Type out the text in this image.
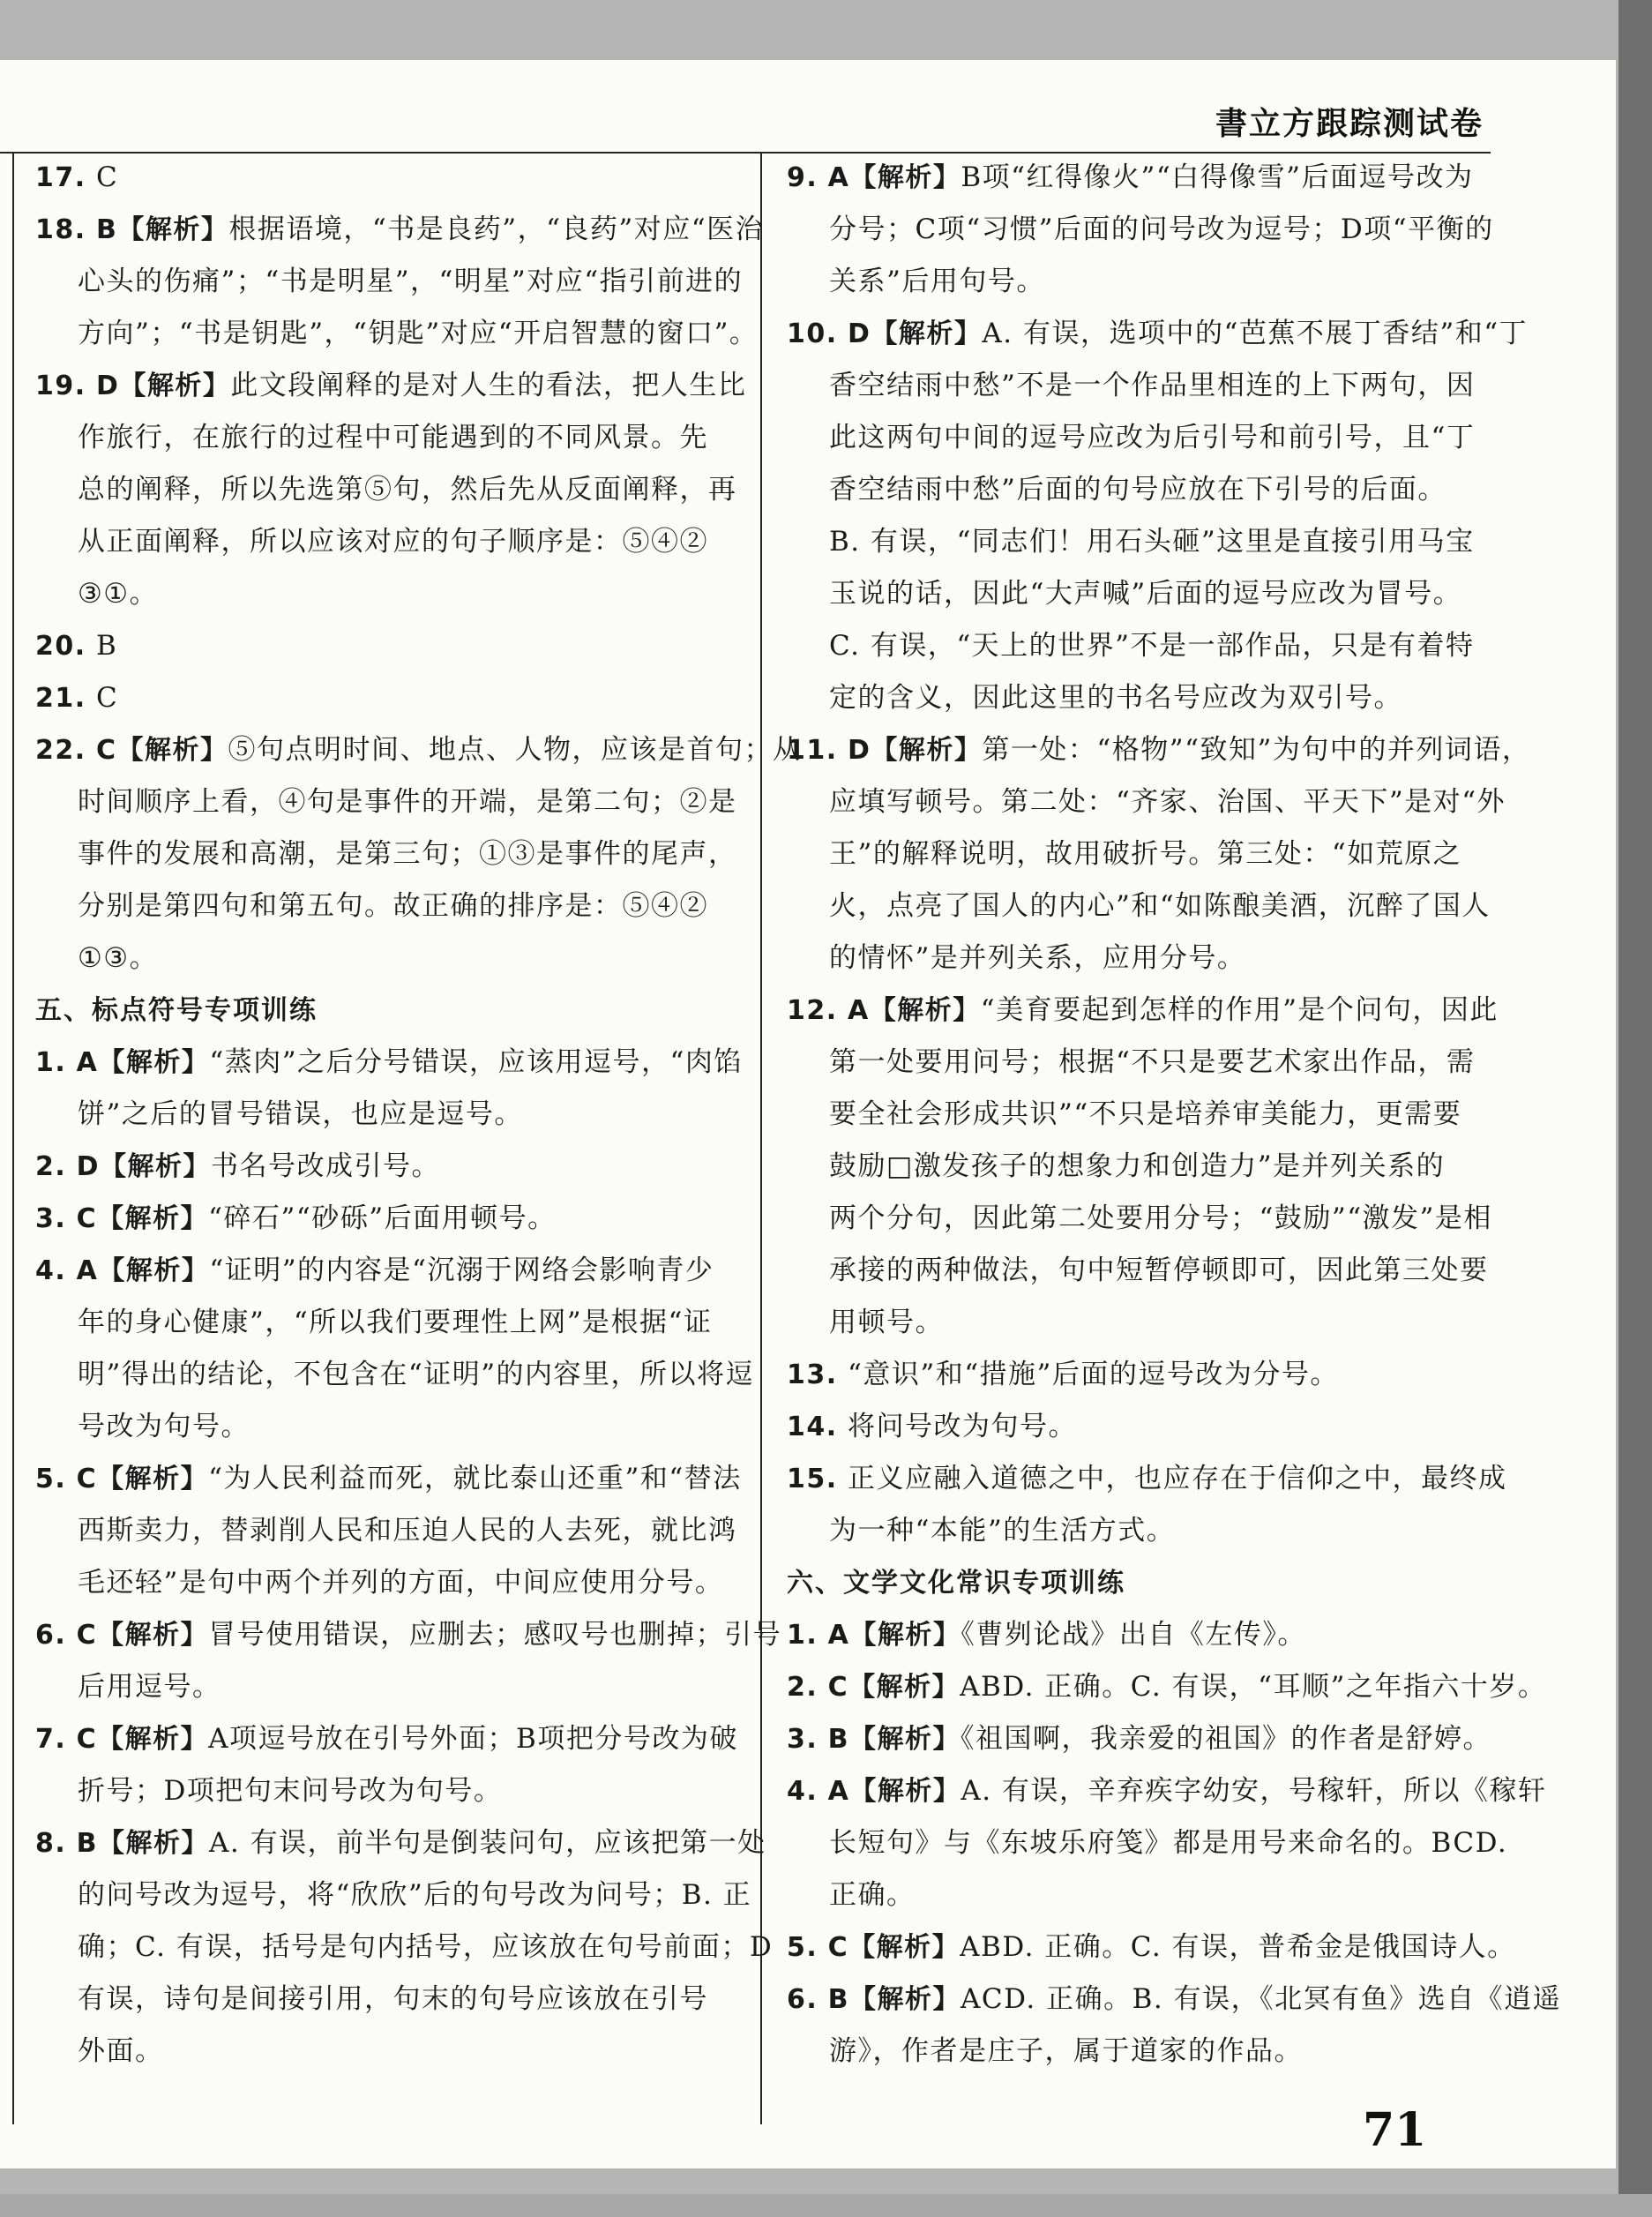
書立方跟踪测试卷
17. C
18. B【解析】根据语境，“书是良药”，“良药”对应“医治
心头的伤痛”；“书是明星”，“明星”对应“指引前进的
方向”；“书是钥匙”，“钥匙”对应“开启智慧的窗口”。
19. D【解析】此文段阐释的是对人生的看法，把人生比
作旅行，在旅行的过程中可能遇到的不同风景。先
总的阐释，所以先选第⑤句，然后先从反面阐释，再
从正面阐释，所以应该对应的句子顺序是：⑤④②
③①。
20. B
21. C
22. C【解析】⑤句点明时间、地点、人物，应该是首句；从
时间顺序上看，④句是事件的开端，是第二句；②是
事件的发展和高潮，是第三句；①③是事件的尾声，
分别是第四句和第五句。故正确的排序是：⑤④②
①③。
五、标点符号专项训练
1. A【解析】“蒸肉”之后分号错误，应该用逗号，“肉馅
饼”之后的冒号错误，也应是逗号。
2. D【解析】书名号改成引号。
3. C【解析】“碎石”“砂砾”后面用顿号。
4. A【解析】“证明”的内容是“沉溺于网络会影响青少
年的身心健康”，“所以我们要理性上网”是根据“证
明”得出的结论，不包含在“证明”的内容里，所以将逗
号改为句号。
5. C【解析】“为人民利益而死，就比泰山还重”和“替法
西斯卖力，替剥削人民和压迫人民的人去死，就比鸿
毛还轻”是句中两个并列的方面，中间应使用分号。
6. C【解析】冒号使用错误，应删去；感叹号也删掉；引号
后用逗号。
7. C【解析】A项逗号放在引号外面；B项把分号改为破
折号；D项把句末问号改为句号。
8. B【解析】A. 有误，前半句是倒装问句，应该把第一处
的问号改为逗号，将“欣欣”后的句号改为问号；B. 正
确；C. 有误，括号是句内括号，应该放在句号前面；D
有误，诗句是间接引用，句末的句号应该放在引号
外面。
9. A【解析】B项“红得像火”“白得像雪”后面逗号改为
分号；C项“习惯”后面的问号改为逗号；D项“平衡的
关系”后用句号。
10. D【解析】A. 有误，选项中的“芭蕉不展丁香结”和“丁
香空结雨中愁”不是一个作品里相连的上下两句，因
此这两句中间的逗号应改为后引号和前引号，且“丁
香空结雨中愁”后面的句号应放在下引号的后面。
B. 有误，“同志们！用石头砸”这里是直接引用马宝
玉说的话，因此“大声喊”后面的逗号应改为冒号。
C. 有误，“天上的世界”不是一部作品，只是有着特
定的含义，因此这里的书名号应改为双引号。
11. D【解析】第一处：“格物”“致知”为句中的并列词语，
应填写顿号。第二处：“齐家、治国、平天下”是对“外
王”的解释说明，故用破折号。第三处：“如荒原之
火，点亮了国人的内心”和“如陈酿美酒，沉醉了国人
的情怀”是并列关系，应用分号。
12. A【解析】“美育要起到怎样的作用”是个问句，因此
第一处要用问号；根据“不只是要艺术家出作品，需
要全社会形成共识”“不只是培养审美能力，更需要
鼓励□激发孩子的想象力和创造力”是并列关系的
两个分句，因此第二处要用分号；“鼓励”“激发”是相
承接的两种做法，句中短暂停顿即可，因此第三处要
用顿号。
13. “意识”和“措施”后面的逗号改为分号。
14. 将问号改为句号。
15. 正义应融入道德之中，也应存在于信仰之中，最终成
为一种“本能”的生活方式。
六、文学文化常识专项训练
1. A【解析】《曹刿论战》出自《左传》。
2. C【解析】ABD. 正确。C. 有误，“耳顺”之年指六十岁。
3. B【解析】《祖国啊，我亲爱的祖国》的作者是舒婷。
4. A【解析】A. 有误，辛弃疾字幼安，号稼轩，所以《稼轩
长短句》与《东坡乐府笺》都是用号来命名的。BCD.
正确。
5. C【解析】ABD. 正确。C. 有误，普希金是俄国诗人。
6. B【解析】ACD. 正确。B. 有误，《北冥有鱼》选自《逍遥
游》，作者是庄子，属于道家的作品。
71
